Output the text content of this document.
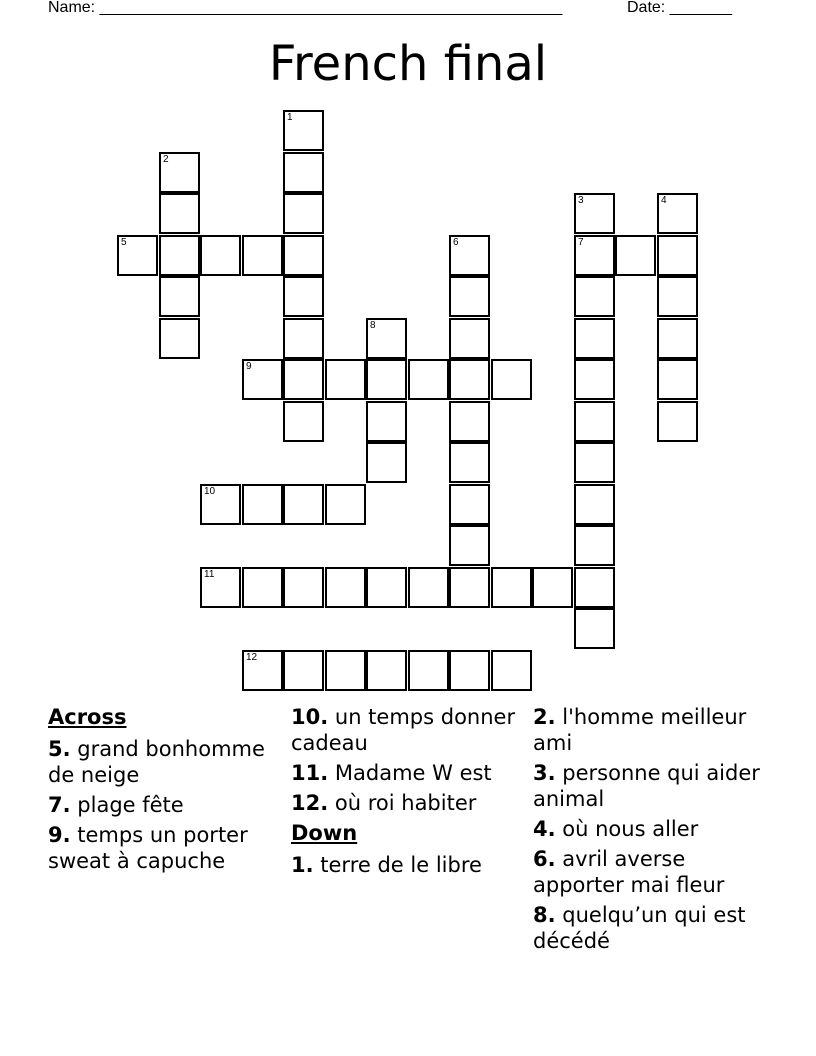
Name: ____________________________________________________	Date: _______
French final
1
2
3
7
4
5	6
8
9
10
11
12
Across
5. grand bonhomme de neige
7. plage fête
9. temps un porter sweat à capuche
10. un temps donner cadeau
11. Madame W est
12. où roi habiter
Down
1. terre de le libre
2. l'homme meilleur ami
3. personne qui aider animal
4. où nous aller
6. avril averse apporter mai fleur
8. quelqu’un qui est décédé
